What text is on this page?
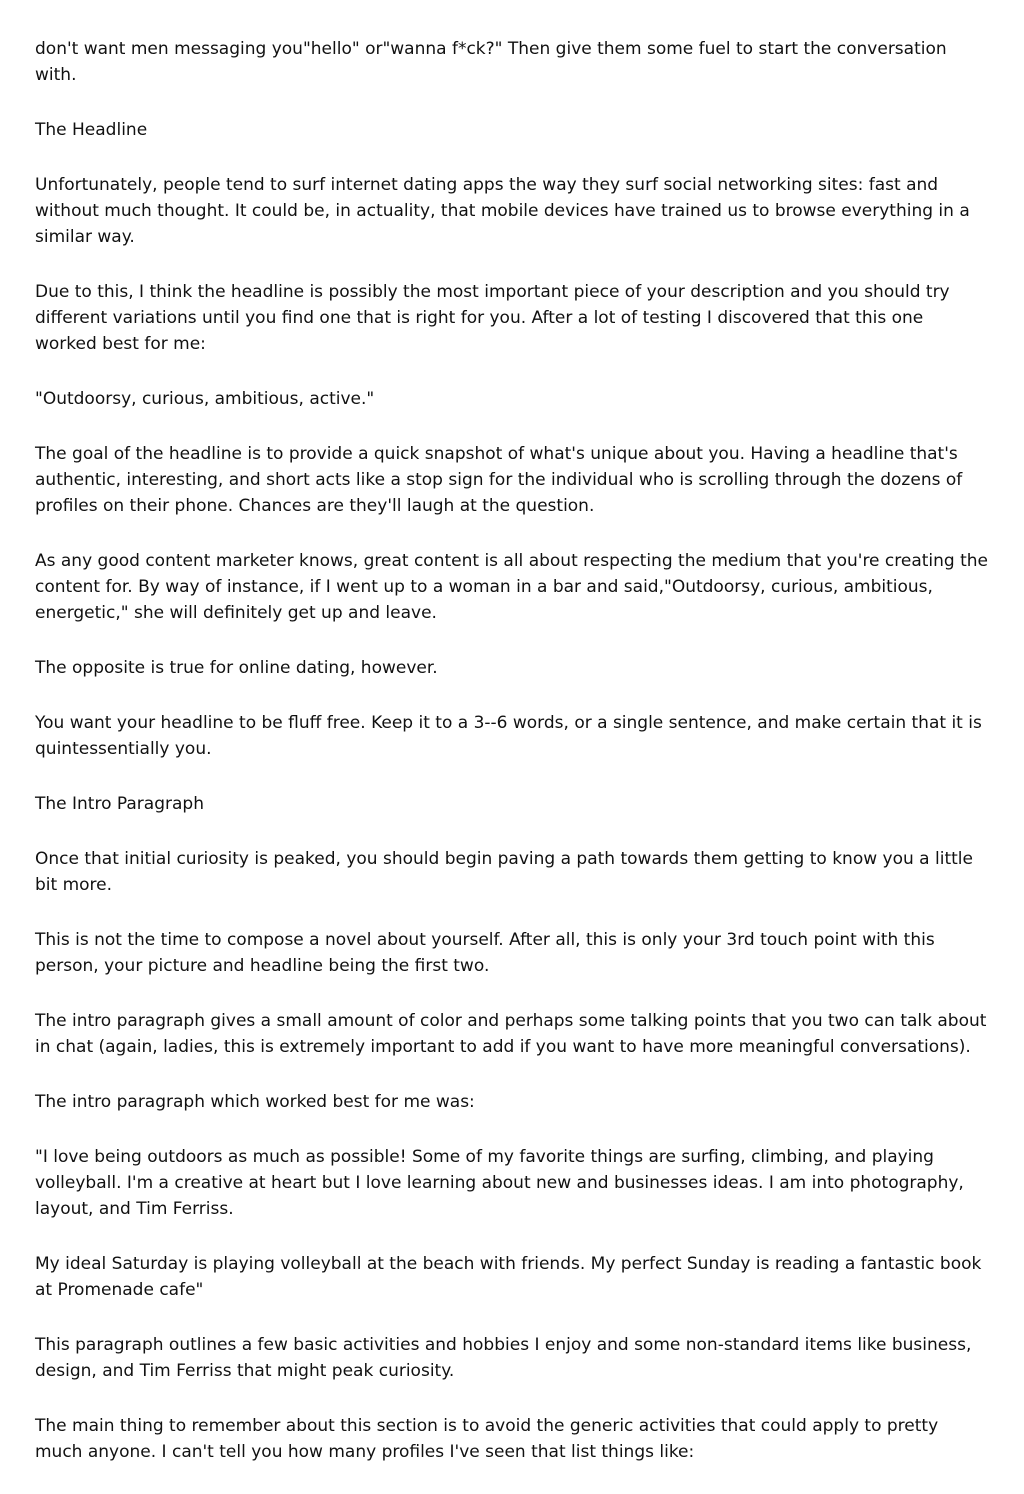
don't want men messaging you"hello" or"wanna f*ck?" Then give them some fuel to start the conversation with.

The Headline

Unfortunately, people tend to surf internet dating apps the way they surf social networking sites: fast and without much thought. It could be, in actuality, that mobile devices have trained us to browse everything in a similar way.

Due to this, I think the headline is possibly the most important piece of your description and you should try different variations until you find one that is right for you. After a lot of testing I discovered that this one worked best for me:

"Outdoorsy, curious, ambitious, active."

The goal of the headline is to provide a quick snapshot of what's unique about you. Having a headline that's authentic, interesting, and short acts like a stop sign for the individual who is scrolling through the dozens of profiles on their phone. Chances are they'll laugh at the question.

As any good content marketer knows, great content is all about respecting the medium that you're creating the content for. By way of instance, if I went up to a woman in a bar and said,"Outdoorsy, curious, ambitious, energetic," she will definitely get up and leave.

The opposite is true for online dating, however.

You want your headline to be fluff free. Keep it to a 3--6 words, or a single sentence, and make certain that it is quintessentially you.

The Intro Paragraph

Once that initial curiosity is peaked, you should begin paving a path towards them getting to know you a little bit more.

This is not the time to compose a novel about yourself. After all, this is only your 3rd touch point with this person, your picture and headline being the first two.

The intro paragraph gives a small amount of color and perhaps some talking points that you two can talk about in chat (again, ladies, this is extremely important to add if you want to have more meaningful conversations).

The intro paragraph which worked best for me was:

"I love being outdoors as much as possible! Some of my favorite things are surfing, climbing, and playing volleyball. I'm a creative at heart but I love learning about new and businesses ideas. I am into photography, layout, and Tim Ferriss.

My ideal Saturday is playing volleyball at the beach with friends. My perfect Sunday is reading a fantastic book at Promenade cafe"

This paragraph outlines a few basic activities and hobbies I enjoy and some non-standard items like business, design, and Tim Ferriss that might peak curiosity.

The main thing to remember about this section is to avoid the generic activities that could apply to pretty much anyone. I can't tell you how many profiles I've seen that list things like:
